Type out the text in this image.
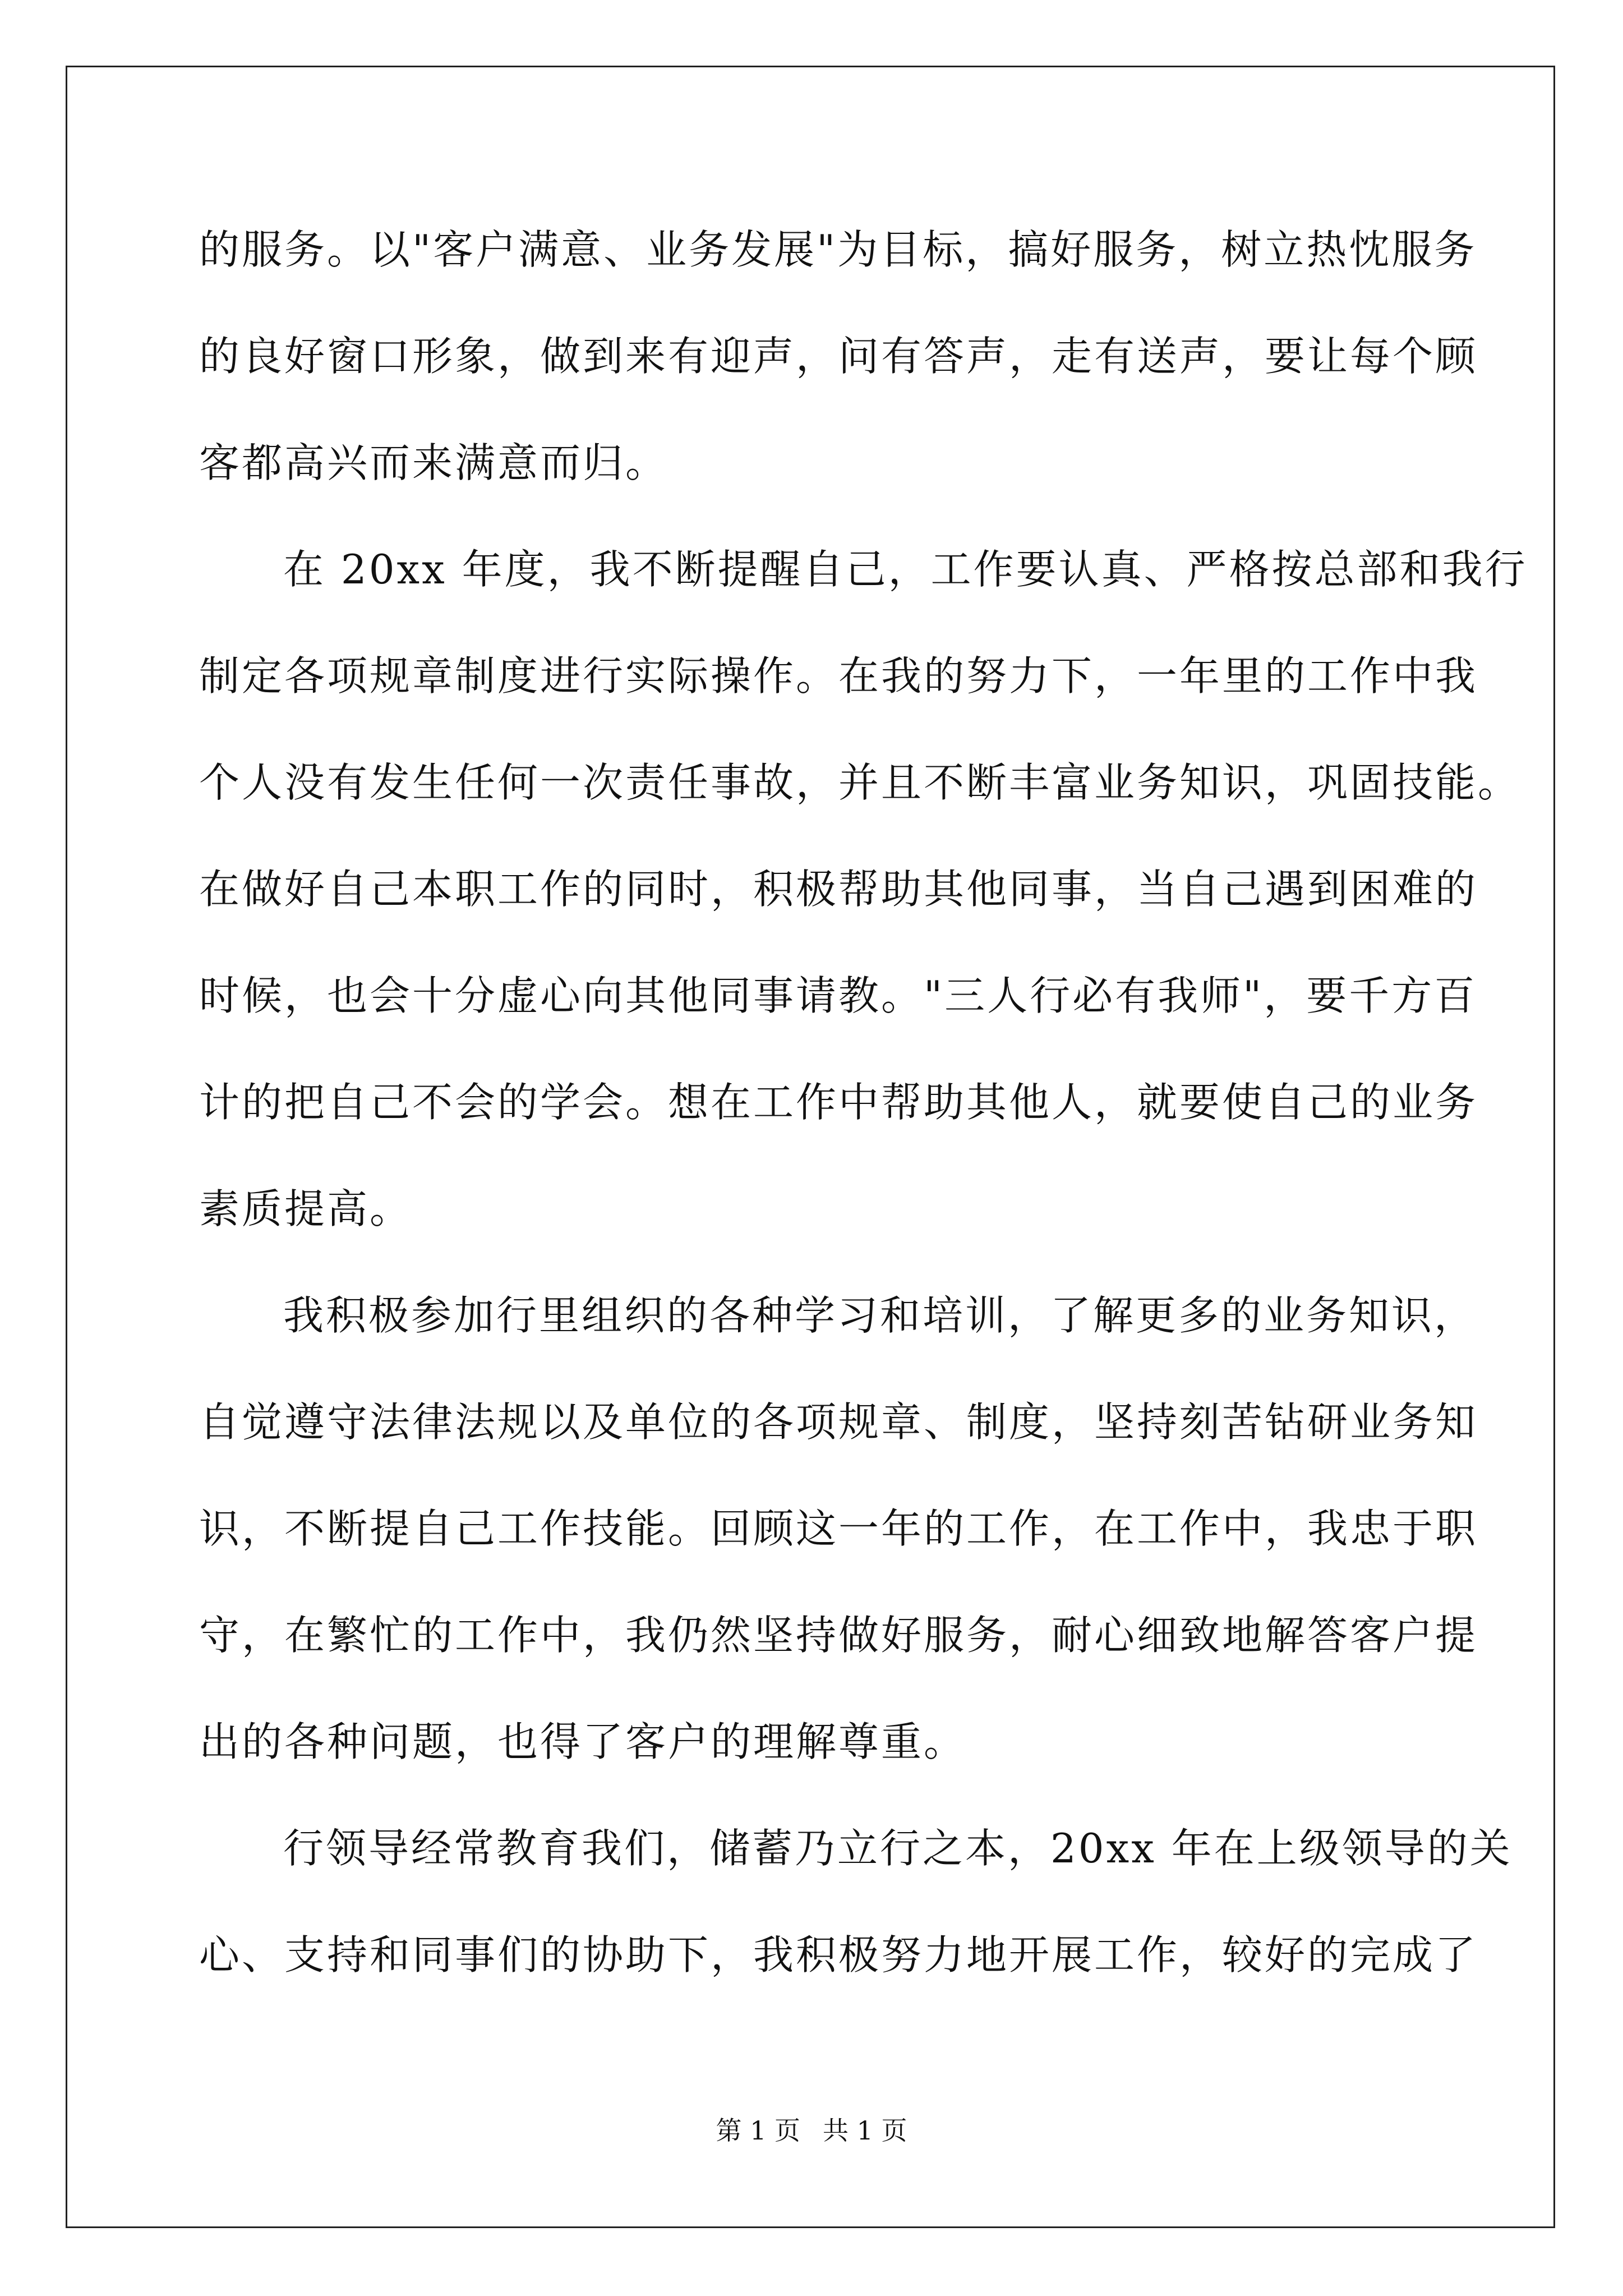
的服务。以"客户满意、业务发展"为目标，搞好服务，树立热忱服务
的良好窗口形象，做到来有迎声，问有答声，走有送声，要让每个顾
客都高兴而来满意而归。
在 20xx 年度，我不断提醒自己，工作要认真、严格按总部和我行
制定各项规章制度进行实际操作。在我的努力下，一年里的工作中我
个人没有发生任何一次责任事故，并且不断丰富业务知识，巩固技能。
在做好自己本职工作的同时，积极帮助其他同事，当自己遇到困难的
时候，也会十分虚心向其他同事请教。"三人行必有我师"，要千方百
计的把自己不会的学会。想在工作中帮助其他人，就要使自己的业务
素质提高。
我积极参加行里组织的各种学习和培训，了解更多的业务知识，
自觉遵守法律法规以及单位的各项规章、制度，坚持刻苦钻研业务知
识，不断提自己工作技能。回顾这一年的工作，在工作中，我忠于职
守，在繁忙的工作中，我仍然坚持做好服务，耐心细致地解答客户提
出的各种问题，也得了客户的理解尊重。
行领导经常教育我们，储蓄乃立行之本，20xx 年在上级领导的关
心、支持和同事们的协助下，我积极努力地开展工作，较好的完成了
第 1 页 共 1 页
